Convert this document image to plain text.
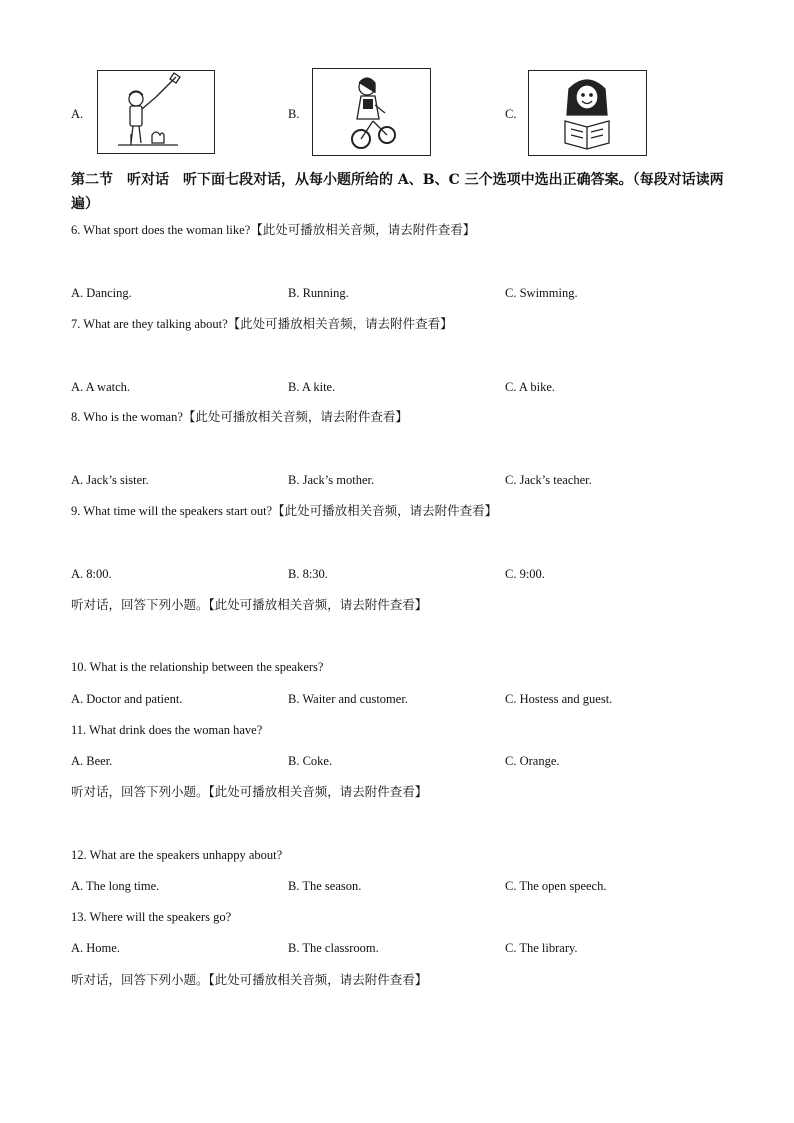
A.	B.	C.
第二节　听对话　听下面七段对话，从每小题所给的 A、B、C 三个选项中选出正确答案。（每段对话读两遍）
6. What sport does the woman like?【此处可播放相关音频，请去附件查看】
A. Dancing.	B. Running.	C. Swimming.
7. What are they talking about?【此处可播放相关音频，请去附件查看】
A. A watch.	B. A kite.	C. A bike.
8. Who is the woman?【此处可播放相关音频，请去附件查看】
A. Jack’s sister.	B. Jack’s mother.	C. Jack’s teacher.
9. What time will the speakers start out?【此处可播放相关音频，请去附件查看】
A. 8:00.	B. 8:30.	C. 9:00.
听对话，回答下列小题。【此处可播放相关音频，请去附件查看】
10. What is the relationship between the speakers?
A. Doctor and patient.	B. Waiter and customer.	C. Hostess and guest.
11. What drink does the woman have?
A. Beer.	B. Coke.	C. Orange.
听对话，回答下列小题。【此处可播放相关音频，请去附件查看】
12. What are the speakers unhappy about?
A. The long time.	B. The season.	C. The open speech.
13. Where will the speakers go?
A. Home.	B. The classroom.	C. The library.
听对话，回答下列小题。【此处可播放相关音频，请去附件查看】
